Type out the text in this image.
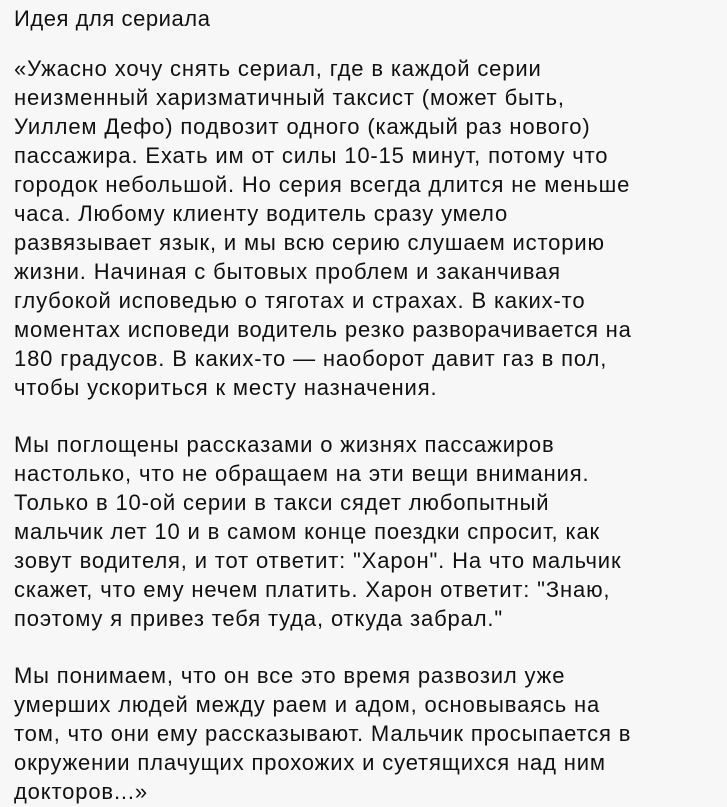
Идея для сериала
«Ужасно хочу снять сериал, где в каждой серии
неизменный харизматичный таксист (может быть,
Уиллем Дефо) подвозит одного (каждый раз нового)
пассажира. Ехать им от силы 10-15 минут, потому что
городок небольшой. Но серия всегда длится не меньше
часа. Любому клиенту водитель сразу умело
развязывает язык, и мы всю серию слушаем историю
жизни. Начиная с бытовых проблем и заканчивая
глубокой исповедью о тяготах и страхах. В каких-то
моментах исповеди водитель резко разворачивается на
180 градусов. В каких-то — наоборот давит газ в пол,
чтобы ускориться к месту назначения.
Мы поглощены рассказами о жизнях пассажиров
настолько, что не обращаем на эти вещи внимания.
Только в 10-ой серии в такси сядет любопытный
мальчик лет 10 и в самом конце поездки спросит, как
зовут водителя, и тот ответит: "Харон". На что мальчик
скажет, что ему нечем платить. Харон ответит: "Знаю,
поэтому я привез тебя туда, откуда забрал."
Мы понимаем, что он все это время развозил уже
умерших людей между раем и адом, основываясь на
том, что они ему рассказывают. Мальчик просыпается в
окружении плачущих прохожих и суетящихся над ним
докторов...»
